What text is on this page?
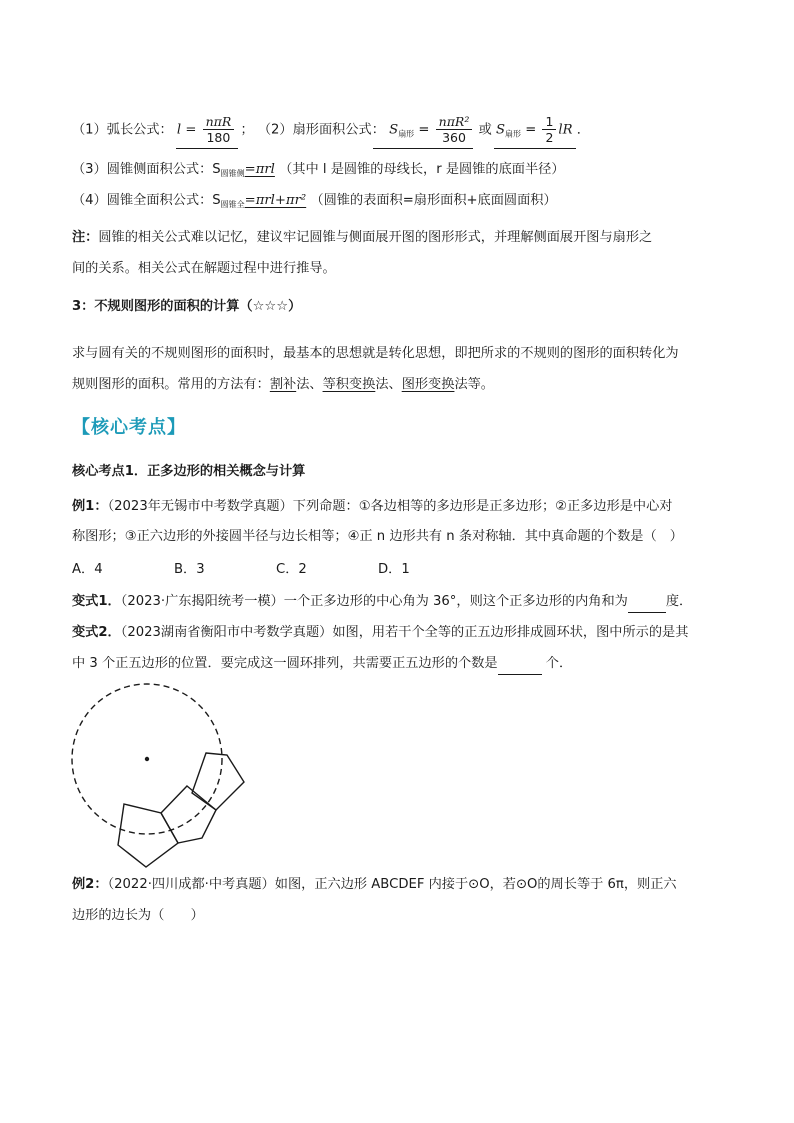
（1）弧长公式： $l = \frac{\text{nπR}}{180}$ ； （2）扇形面积公式： $S_{扇形} = \frac{\text{nπR²}}{360}$ 或 $S_{扇形} = \frac{1}{2}$ lR ．
（3）圆锥侧面积公式：$S_{圆锥侧}=\pi rl$ （其中 l 是圆锥的母线长，r 是圆锥的底面半径）
（4）圆锥全面积公式：$S_{圆锥全}=\pi rl+\pi r^2$ （圆锥的表面积=扇形面积+底面圆面积）
注：圆锥的相关公式难以记忆，建议牢记圆锥与侧面展开图的图形形式，并理解侧面展开图与扇形之
间的关系。相关公式在解题过程中进行推导。
3：不规则图形的面积的计算（☆☆☆）
求与圆有关的不规则图形的面积时，最基本的思想就是转化思想，即把所求的不规则的图形的面积转化为
规则图形的面积。常用的方法有：割补法、等积变换法、图形变换法等。
【核心考点】
核心考点1．正多边形的相关概念与计算
例1：（2023年无锡市中考数学真题）下列命题：①各边相等的多边形是正多边形；②正多边形是中心对
称图形；③正六边形的外接圆半径与边长相等；④正 n 边形共有 n 条对称轴．其中真命题的个数是（　）
A．4	B．3	C．2	D．1
变式1．（2023·广东揭阳统考一模）一个正多边形的中心角为 36°，则这个正多边形的内角和为	度．
变式2．（2023湖南省衡阳市中考数学真题）如图，用若干个全等的正五边形排成圆环状，图中所示的是其
中 3 个正五边形的位置．要完成这一圆环排列，共需要正五边形的个数是	个．
例2：（2022·四川成都·中考真题）如图，正六边形 ABCDEF 内接于⊙O，若⊙O的周长等于 6π，则正六
边形的边长为（　　）
